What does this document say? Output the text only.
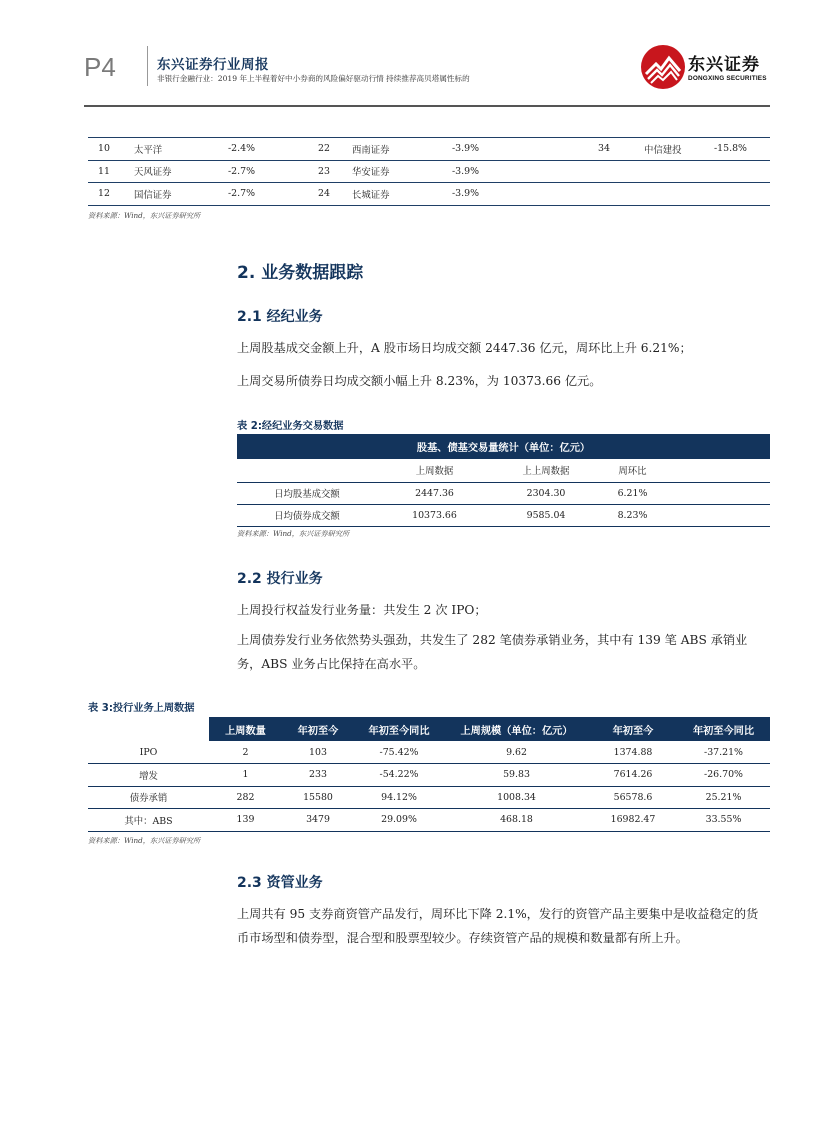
P4	东兴证券行业周报
非银行金融行业：2019 年上半程着好中小券商的风险偏好驱动行情 持续推荐高贝塔属性标的
东兴证券
DONGXING SECURITIES
10	太平洋	-2.4%	22	西南证券	-3.9%	34	中信建投	-15.8%
11	天风证券	-2.7%	23	华安证券	-3.9%			
12	国信证券	-2.7%	24	长城证券	-3.9%			
资料来源：Wind，东兴证券研究所
2. 业务数据跟踪
2.1 经纪业务
上周股基成交金额上升，A 股市场日均成交额 2447.36 亿元，周环比上升 6.21%；
上周交易所债券日均成交额小幅上升 8.23%，为 10373.66 亿元。
表 2:经纪业务交易数据
股基、债基交易量统计（单位：亿元）				
	上周数据	上上周数据	周环比	
日均股基成交额	2447.36	2304.30	6.21%	
日均债券成交额	10373.66	9585.04	8.23%	
资料来源：Wind，东兴证券研究所
2.2 投行业务
上周投行权益发行业务量：共发生 2 次 IPO；
上周债券发行业务依然势头强劲，共发生了 282 笔债券承销业务，其中有 139 笔 ABS 承销业务，ABS 业务占比保持在高水平。
表 3:投行业务上周数据
	上周数量	年初至今	年初至今同比	上周规模（单位：亿元）	年初至今	年初至今同比
IPO	2	103	-75.42%	9.62	1374.88	-37.21%
增发	1	233	-54.22%	59.83	7614.26	-26.70%
债券承销	282	15580	94.12%	1008.34	56578.6	25.21%
其中：ABS	139	3479	29.09%	468.18	16982.47	33.55%
资料来源：Wind，东兴证券研究所
2.3 资管业务
上周共有 95 支券商资管产品发行，周环比下降 2.1%，发行的资管产品主要集中是收益稳定的货币市场型和债券型，混合型和股票型较少。存续资管产品的规模和数量都有所上升。
